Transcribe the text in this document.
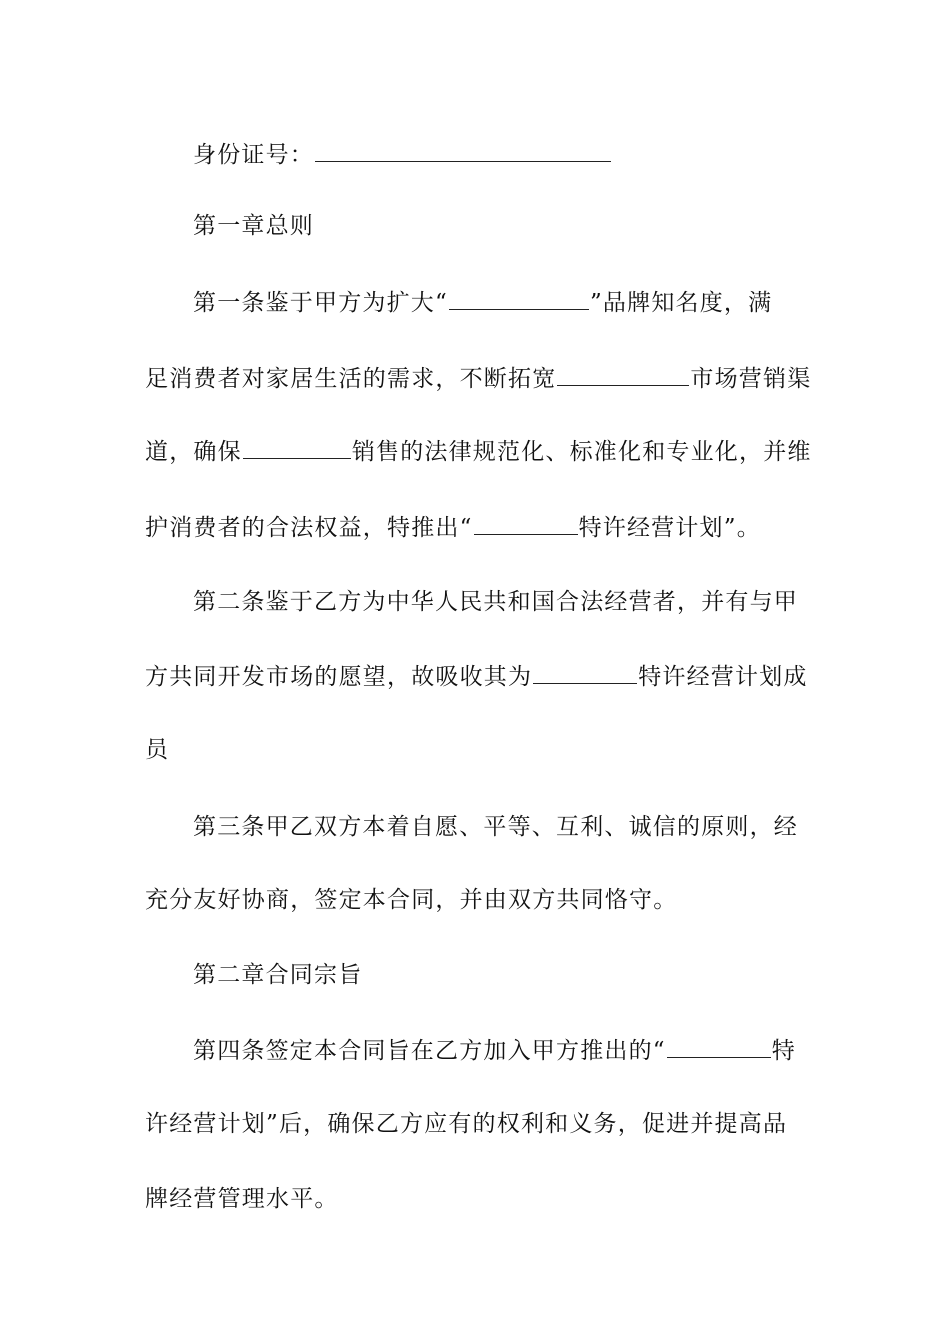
身份证号：
第一章总则
第一条鉴于甲方为扩大“	”品牌知名度，满
足消费者对家居生活的需求，不断拓宽	市场营销渠
道，确保	销售的法律规范化、标准化和专业化，并维
护消费者的合法权益，特推出“	特许经营计划”。
第二条鉴于乙方为中华人民共和国合法经营者，并有与甲
方共同开发市场的愿望，故吸收其为	特许经营计划成
员
第三条甲乙双方本着自愿、平等、互利、诚信的原则，经
充分友好协商，签定本合同，并由双方共同恪守。
第二章合同宗旨
第四条签定本合同旨在乙方加入甲方推出的“	特
许经营计划”后，确保乙方应有的权利和义务，促进并提高品
牌经营管理水平。
